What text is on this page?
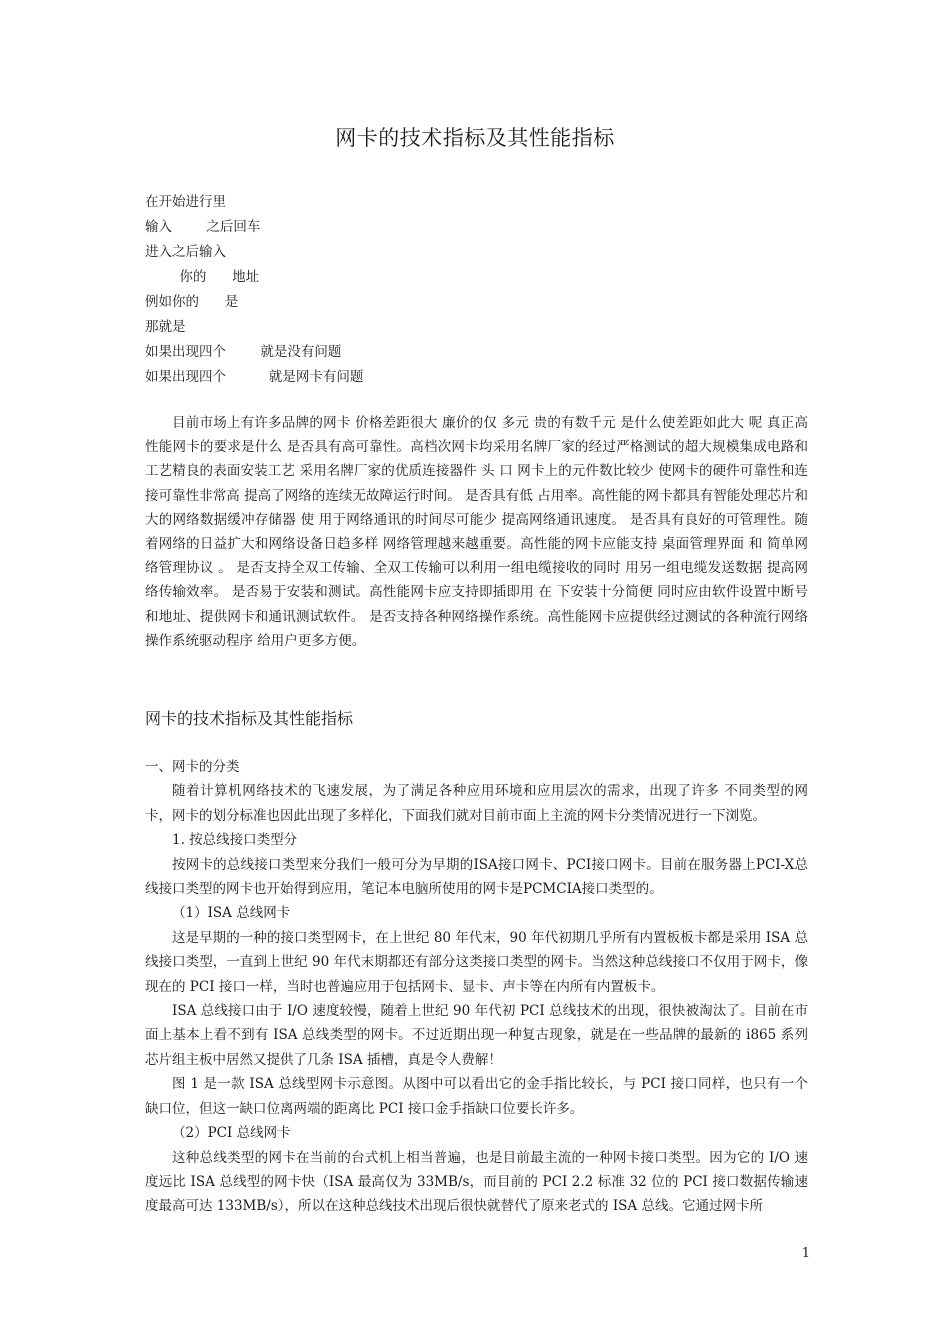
网卡的技术指标及其性能指标
在开始进行里
输入        之后回车
进入之后输入
你的      地址
例如你的      是
那就是
如果出现四个        就是没有问题
如果出现四个          就是网卡有问题

目前市场上有许多品牌的网卡 价格差距很大 廉价的仅 多元 贵的有数千元 是什么使差距如此大 呢 真正高性能网卡的要求是什么 是否具有高可靠性。高档次网卡均采用名牌厂家的经过严格测试的超大规模集成电路和工艺精良的表面安装工艺 采用名牌厂家的优质连接器件 头 口 网卡上的元件数比较少 使网卡的硬件可靠性和连接可靠性非常高 提高了网络的连续无故障运行时间。 是否具有低 占用率。高性能的网卡都具有智能处理芯片和大的网络数据缓冲存储器 使 用于网络通讯的时间尽可能少 提高网络通讯速度。 是否具有良好的可管理性。随着网络的日益扩大和网络设备日趋多样 网络管理越来越重要。高性能的网卡应能支持 桌面管理界面 和 简单网络管理协议 。 是否支持全双工传输、全双工传输可以利用一组电缆接收的同时 用另一组电缆发送数据 提高网络传输效率。 是否易于安装和测试。高性能网卡应支持即插即用 在 下安装十分简便 同时应由软件设置中断号和地址、提供网卡和通讯测试软件。 是否支持各种网络操作系统。高性能网卡应提供经过测试的各种流行网络操作系统驱动程序 给用户更多方便。

网卡的技术指标及其性能指标

一、网卡的分类

随着计算机网络技术的飞速发展，为了满足各种应用环境和应用层次的需求，出现了许多 不同类型的网卡，网卡的划分标准也因此出现了多样化，下面我们就对目前市面上主流的网卡分类情况进行一下浏览。

1. 按总线接口类型分

按网卡的总线接口类型来分我们一般可分为早期的ISA接口网卡、PCI接口网卡。目前在服务器上PCI-X总线接口类型的网卡也开始得到应用，笔记本电脑所使用的网卡是PCMCIA接口类型的。

（1）ISA 总线网卡

这是早期的一种的接口类型网卡，在上世纪 80 年代末，90 年代初期几乎所有内置板板卡都是采用 ISA 总线接口类型，一直到上世纪 90 年代末期都还有部分这类接口类型的网卡。当然这种总线接口不仅用于网卡，像现在的 PCI 接口一样，当时也普遍应用于包括网卡、显卡、声卡等在内所有内置板卡。

ISA 总线接口由于 I/O 速度较慢，随着上世纪 90 年代初 PCI 总线技术的出现，很快被淘汰了。目前在市面上基本上看不到有 ISA 总线类型的网卡。不过近期出现一种复古现象，就是在一些品牌的最新的 i865 系列芯片组主板中居然又提供了几条 ISA 插槽，真是令人费解！

图 1 是一款 ISA 总线型网卡示意图。从图中可以看出它的金手指比较长，与 PCI 接口同样，也只有一个缺口位，但这一缺口位离两端的距离比 PCI 接口金手指缺口位要长许多。

（2）PCI 总线网卡

这种总线类型的网卡在当前的台式机上相当普遍，也是目前最主流的一种网卡接口类型。因为它的 I/O 速度远比 ISA 总线型的网卡快（ISA 最高仅为 33MB/s，而目前的 PCI 2.2 标准 32 位的 PCI 接口数据传输速度最高可达 133MB/s），所以在这种总线技术出现后很快就替代了原来老式的 ISA 总线。它通过网卡所

1
